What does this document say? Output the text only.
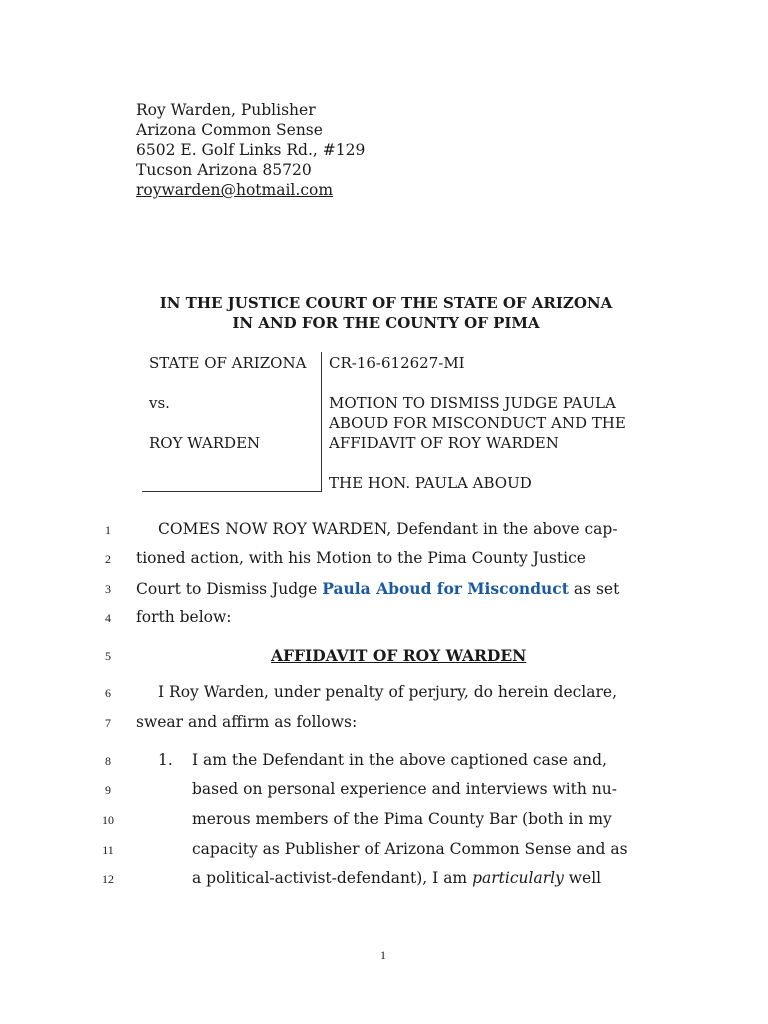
Roy Warden, Publisher
Arizona Common Sense
6502 E. Golf Links Rd., #129
Tucson Arizona 85720
roywarden@hotmail.com
IN THE JUSTICE COURT OF THE STATE OF ARIZONA
IN AND FOR THE COUNTY OF PIMA
STATE OF ARIZONA
vs.
ROY WARDEN
CR-16-612627-MI
MOTION TO DISMISS JUDGE PAULA
ABOUD FOR MISCONDUCT AND THE
AFFIDAVIT OF ROY WARDEN
THE HON. PAULA ABOUD
1
2
3
4
5
6
7
8
9
10
11
12
COMES NOW ROY WARDEN, Defendant in the above cap-
tioned action, with his Motion to the Pima County Justice
Court to Dismiss Judge Paula Aboud for Misconduct as set
forth below:
AFFIDAVIT OF ROY WARDEN
I Roy Warden, under penalty of perjury, do herein declare,
swear and affirm as follows:
1. I am the Defendant in the above captioned case and,
based on personal experience and interviews with nu-
merous members of the Pima County Bar (both in my
capacity as Publisher of Arizona Common Sense and as
a political-activist-defendant), I am particularly well
1
